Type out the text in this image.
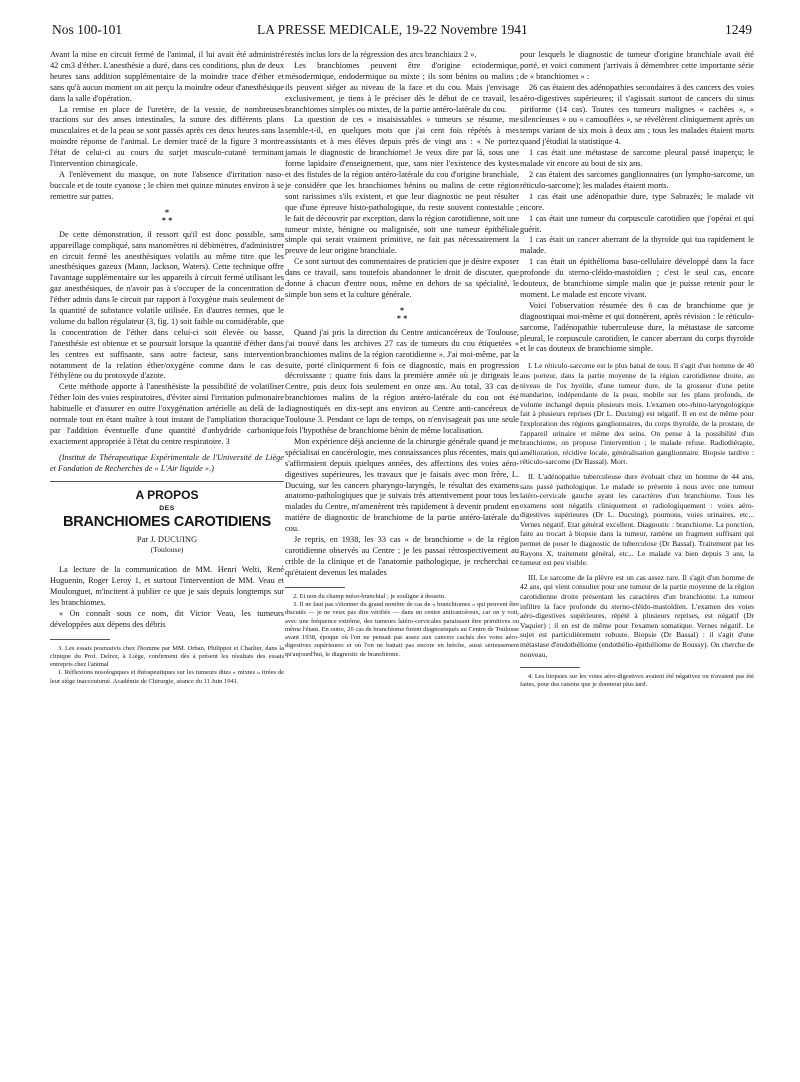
Nos 100-101	LA PRESSE MEDICALE, 19-22 Novembre 1941	1249

Avant la mise en circuit fermé de l'animal, il lui avait été administré 42 cm3 d'éther. L'anesthésie a duré, dans ces conditions, plus de deux heures sans addition supplémentaire de la moindre trace d'éther et sans qu'à aucun moment on ait perçu la moindre odeur d'anesthésique dans la salle d'opération.

La remise en place de l'uretère, de la vessie, de nombreuses tractions sur des anses intestinales, la suture des différents plans musculaires et de la peau se sont passés après ces deux heures sans la moindre réponse de l'animal. Le dernier tracé de la figure 3 montre l'état de celui-ci au cours du surjet musculo-cutané terminant l'intervention chirurgicale.

A l'enlèvement du masque, on note l'absence d'irritation naso-buccale et de toute cyanose ; le chien met quinze minutes environ à se remettre sur pattes.

*
* *

De cette démonstration, il ressort qu'il est donc possible, sans appareillage compliqué, sans manomètres ni débimètres, d'administrer en circuit fermé les anesthésiques volatils au même titre que les anesthésiques gazeux (Mann, Jackson, Waters). Cette technique offre l'avantage supplémentaire sur les appareils à circuit fermé utilisant les gaz anesthésiques, de n'avoir pas à s'occuper de la concentration de l'éther admis dans le circuit par rapport à l'oxygène mais seulement de la quantité de substance volatile utilisée. En d'autres termes, que le volume du ballon régulateur (3, fig. 1) soit faible ou considérable, que la concentration de l'éther dans celui-ci soit élevée ou basse, l'anesthésie est obtenue et se poursuit lorsque la quantité d'éther dans les centres est suffisante, sans autre facteur, sans intervention notamment de la relation éther/oxygène comme dans le cas de l'éthylène ou du protoxyde d'azote.

Cette méthode apporte à l'anesthésiste la possibilité de volatiliser l'éther loin des voies respiratoires, d'éviter ainsi l'irritation pulmonaire habituelle et d'assurer en outre l'oxygénation artérielle au delà de la normale tout en étant maître à tout instant de l'ampliation thoracique par l'addition éventuelle d'une quantité d'anhydride carbonique exactement appropriée à l'état du centre respiratoire. 3

(Institut de Thérapeutique Expérimentale de l'Université de Liège et Fondation de Recherches de « L'Air liquide ».)

A PROPOS
DES
BRANCHIOMES CAROTIDIENS
Par J. DUCUING
(Toulouse)

La lecture de la communication de MM. Henri Welti, René Huguenin, Roger Leroy 1, et surtout l'intervention de MM. Veau et Moulonguet, m'incitent à publier ce que je sais depuis longtemps sur les branchiomes.

« On connaît sous ce nom, dit Victor Veau, les tumeurs développées aux dépens des débris

3. Les essais poursuivis chez l'homme par MM. Orban, Philippot et Charlier, dans la clinique du Prof. Delrez, à Liège, confirment dès à présent les résultats des essais entrepris chez l'animal

1. Réflexions nosologiques et thérapeutiques sur les tumeurs dites « mixtes » tirées de leur siège inaccoutumé. Académie de Chirurgie, séance du 11 Juin 1941.

restés inclus lors de la régression des arcs branchiaux 2 ».

Les branchiomes peuvent être d'origine ectodermique, mésodermique, endodermique ou mixte ; ils sont bénins ou malins ; ils peuvent siéger au niveau de la face et du cou. Mais j'envisage exclusivement, je tiens à le préciser dès le début de ce travail, les branchiomes simples ou mixtes, de la partie antéro-latérale du cou.

La question de ces « insaisissables » tumeurs se résume, me semble-t-il, en quelques mots que j'ai cent fois répétés à mes assistants et à mes élèves depuis près de vingt ans : « Ne portez jamais le diagnostic de branchiome! Je veux dire par là, sous une forme lapidaire d'enseignement, que, sans nier l'existence des kystes et des fistules de la région antéro-latérale du cou d'origine branchiale, je considère que les branchiomes bénins ou malins de cette région sont rarissimes s'ils existent, et que leur diagnostic ne peut résulter que d'une épreuve histo-pathologique, du reste souvent contestable ; le fait de découvrir par exception, dans la région carotidienne, soit une tumeur mixte, bénigne ou malignisée, soit une tumeur épithéliale simple qui serait vraiment primitive, ne fait pas nécessairement la preuve de leur origine branchiale.

Ce sont surtout des commentaires de praticien que je désire exposer dans ce travail, sans toutefois abandonner le droit de discuter, que donne à chacun d'entre nous, même en dehors de sa spécialité, le simple bon sens et la culture générale.

*
* *

Quand j'ai pris la direction du Centre anticancéreux de Toulouse, j'ai trouvé dans les archives 27 cas de tumeurs du cou étiquetées « branchiomes malins de la région carotidienne ». J'ai moi-même, par la suite, porté cliniquement 6 fois ce diagnostic, mais en progression décroissante : quatre fois dans la première année où je dirigeais le Centre, puis deux fois seulement en onze ans. Au total, 33 cas de branchiomes malins de la région antéro-latérale du cou ont été diagnostiqués en dix-sept ans environ au Centre anti-cancéreux de Toulouse 3. Pendant ce laps de temps, on n'envisageait pas une seule fois l'hypothèse de branchiome bénin de même localisation.

Mon expérience déjà ancienne de la chirurgie générale quand je me spécialisai en cancérologie, mes connaissances plus récentes, mais qui s'affirmaient depuis quelques années, des affections des voies aéro-digestives supérieures, les travaux que je faisais avec mon frère, L. Ducuing, sur les cancers pharyngo-laryngés, le résultat des examens anatomo-pathologiques que je suivais très attentivement pour tous les malades du Centre, m'amenèrent très rapidement à devenir prudent en matière de diagnostic de branchiome de la partie antéro-latérale du cou.

Je repris, en 1938, les 33 cas « de branchiome » de la région carotidienne observés au Centre ; je les passai rétrospectivement au crible de la clinique et de l'anatomie pathologique, je recherchai ce qu'étaient devenus les malades

2. Et non du champ méso-branchial ; je souligne à dessein.

3. Il ne faut pas s'étonner du grand nombre de cas de « branchiomes » qui peuvent être discutés — je ne veux pas dire vérifiés — dans un centre anticancéreux, car on y voit, avec une fréquence extrême, des tumeurs latéro-cervicales paraissant être primitives ou même l'étant. En outre, 26 cas de branchiome furent diagnostiqués au Centre de Toulouse avant 1938, époque où l'on ne pensait pas assez aux cancers cachés des voies aéro-digestives supérieures et où l'on ne battait pas encore en brèche, aussi sérieusement qu'aujourd'hui, le diagnostic de branchiome.

pour lesquels le diagnostic de tumeur d'origine branchiale avait été porté, et voici comment j'arrivais à démembrer cette importante série de « branchiomes » :

26 cas étaient des adénopathies secondaires à des cancers des voies aéro-digestives supérieures; il s'agissait surtout de cancers du sinus piriforme (14 cas). Toutes ces tumeurs malignes « cachées », « silencieuses » ou « camouflées », se révélèrent cliniquement après un temps variant de six mois à deux ans ; tous les malades étaient morts quand j'étudiai la statistique 4.

1 cas était une métastase de sarcome pleural passé inaperçu; le malade vit encore au bout de six ans.

2 cas étaient des sarcomes ganglionnaires (un lympho-sarcome, un réticulo-sarcome); les malades étaient morts.

1 cas était une adénopathie dure, type Sabrazès; le malade vit encore.

1 cas était une tumeur du corpuscule carotidien que j'opérai et qui guérit.

1 cas était un cancer aberrant de la thyroïde qui tua rapidement le malade.

1 cas était un épithélioma baso-cellulaire développé dans la face profonde du sterno-cléido-mastoïdien ; c'est le seul cas, encore douteux, de branchiome simple malin que je puisse retenir pour le moment. Le malade est encore vivant.

Voici l'observation résumée des 6 cas de branchiome que je diagnostiquai moi-même et qui donnèrent, après révision : le réticulo-sarcome, l'adénopathie tuberculeuse dure, la métastase de sarcome pleural, le corpuscule carotidien, le cancer aberrant du corps thyroïde et le cas douteux de branchiome simple.

I. Le réticulo-sarcome est le plus banal de tous. Il s'agit d'un homme de 40 ans porteur, dans la partie moyenne de la région carotidienne droite, au niveau de l'os hyoïde, d'une tumeur dure, de la grosseur d'une petite mandarine, indépendante de la peau, mobile sur les plans profonds, de volume inchangé depuis plusieurs mois. L'examen oto-rhino-laryngologique fait à plusieurs reprises (Dr L. Ducuing) est négatif. Il en est de même pour l'exploration des régions ganglionnaires, du corps thyroïde, de la prostate, de l'appareil urinaire et même des seins. On pense à la possibilité d'un branchiome, on propose l'intervention ; le malade refuse. Radiothérapie, amélioration, récidive locale, généralisation ganglionnaire. Biopsie tardive : réticulo-sarcome (Dr Bassal). Mort.

II. L'adénopathie tuberculeuse dure évoluait chez un homme de 44 ans, sans passé pathologique. Le malade se présente à nous avec une tumeur latéro-cervicale gauche ayant les caractères d'un branchiome. Tous les examens sont négatifs cliniquement et radiologiquement : voies aéro-digestives supérieures (Dr L. Ducuing), poumons, voies urinaires, etc... Vernes négatif. Etat général excellent. Diagnostic : branchiome. La ponction, faite au trocart à biopsie dans la tumeur, ramène un fragment suffisant qui permet de poser le diagnostic de tuberculose (Dr Bassal). Traitement par les Rayons X, traitement général, etc... Le malade va bien depuis 3 ans, la tumeur est peu visible.

III. Le sarcome de la plèvre est un cas assez rare. Il s'agit d'un homme de 42 ans, qui vient consulter pour une tumeur de la partie moyenne de la région carotidienne droite présentant les caractères d'un branchiome. La tumeur infiltre la face profonde du sterno-cléido-mastoïdien. L'examen des voies aéro-digestives supérieures, répété à plusieurs reprises, est négatif (Dr Vaquier) ; il en est de même pour l'examen somatique. Vernes négatif. Le sujet est particulièrement robuste. Biopsie (Dr Bassal) : il s'agit d'une métastase d'endothéliome (endothélio-épithéliome de Roussy). On cherche de nouveau,

4. Les biopsies sur les voies aéro-digestives avaient été négatives ou n'avaient pas été faites, pour des raisons que je donnerai plus tard.
